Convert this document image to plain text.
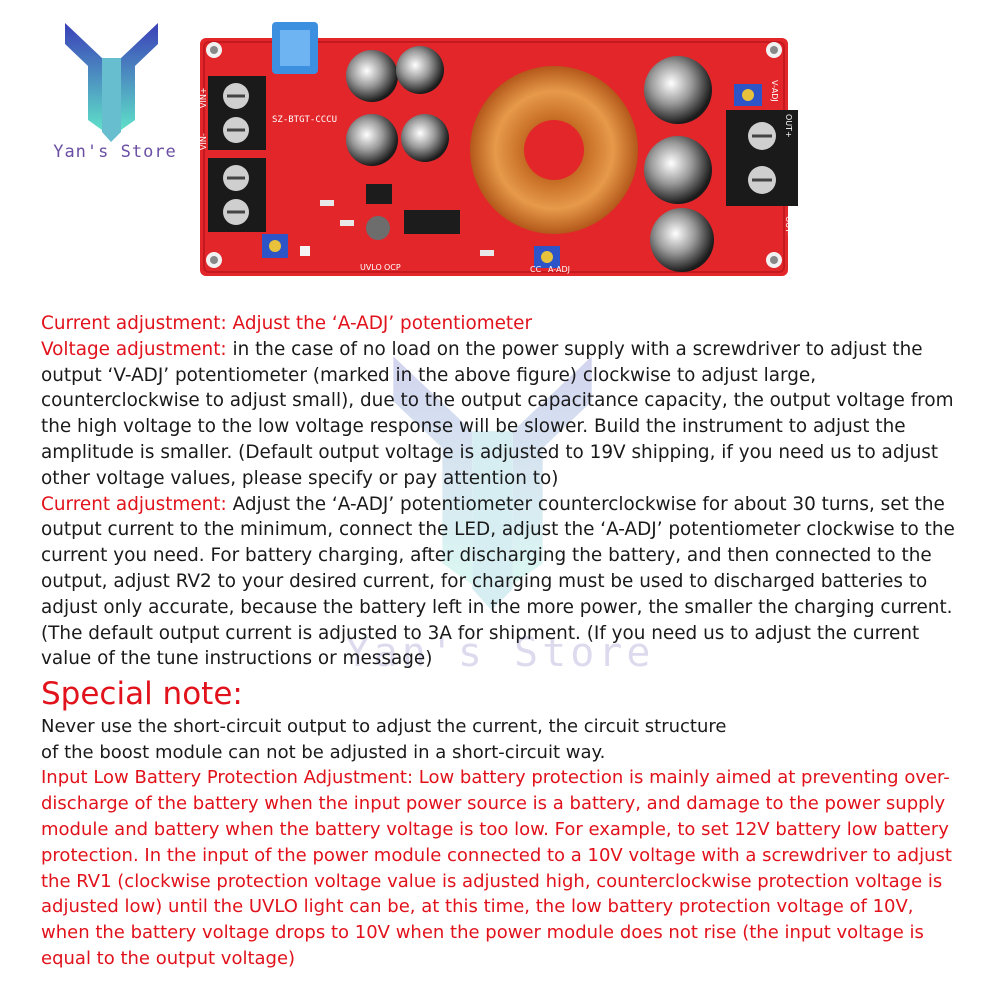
Yan's Store
SZ-BTGT-CCCU
VIN+
VIN-
OUT+
OUT-
UVLO OCP	CC A-ADJ
V-ADJ
Yan's Store

Current adjustment: Adjust the ‘A-ADJ’ potentiometer

Voltage adjustment: in the case of no load on the power supply with a screwdriver to adjust the output ‘V-ADJ’ potentiometer (marked in the above figure) clockwise to adjust large, counterclockwise to adjust small), due to the output capacitance capacity, the output voltage from the high voltage to the low voltage response will be slower. Build the instrument to adjust the amplitude is smaller. (Default output voltage is adjusted to 19V shipping, if you need us to adjust other voltage values, please specify or pay attention to)

Current adjustment: Adjust the ‘A-ADJ’ potentiometer counterclockwise for about 30 turns, set the output current to the minimum, connect the LED, adjust the ‘A-ADJ’ potentiometer clockwise to the current you need. For battery charging, after discharging the battery, and then connected to the output, adjust RV2 to your desired current, for charging must be used to discharged batteries to adjust only accurate, because the battery left in the more power, the smaller the charging current. (The default output current is adjusted to 3A for shipment. (If you need us to adjust the current value of the tune instructions or message)

Special note:

Never use the short-circuit output to adjust the current, the circuit structure

of the boost module can not be adjusted in a short-circuit way.

Input Low Battery Protection Adjustment: Low battery protection is mainly aimed at preventing over-discharge of the battery when the input power source is a battery, and damage to the power supply module and battery when the battery voltage is too low. For example, to set 12V battery low battery protection. In the input of the power module connected to a 10V voltage with a screwdriver to adjust the RV1 (clockwise protection voltage value is adjusted high, counterclockwise protection voltage is adjusted low) until the UVLO light can be, at this time, the low battery protection voltage of 10V, when the battery voltage drops to 10V when the power module does not rise (the input voltage is equal to the output voltage)
